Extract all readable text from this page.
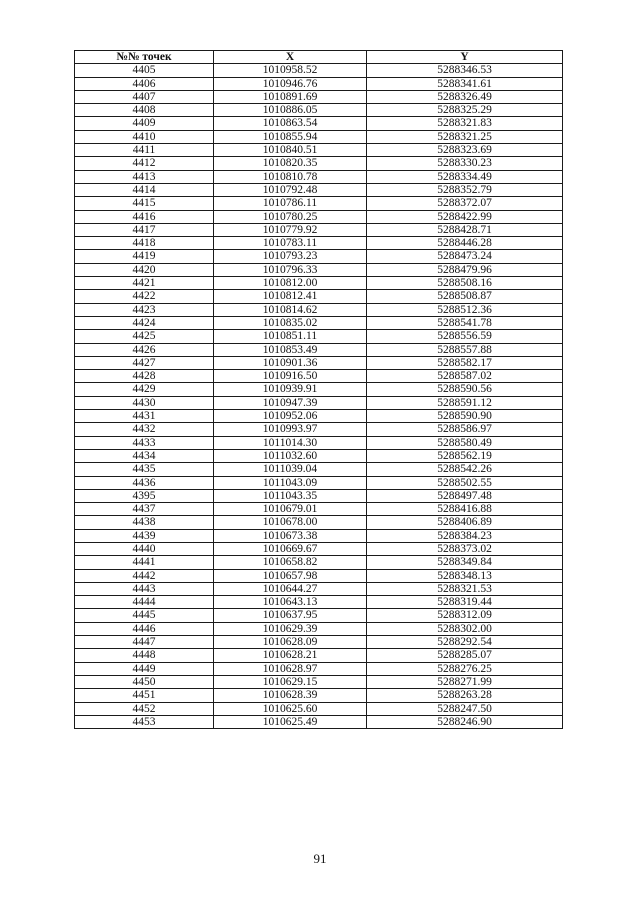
№№ точек	X	Y
4405	1010958.52	5288346.53
4406	1010946.76	5288341.61
4407	1010891.69	5288326.49
4408	1010886.05	5288325.29
4409	1010863.54	5288321.83
4410	1010855.94	5288321.25
4411	1010840.51	5288323.69
4412	1010820.35	5288330.23
4413	1010810.78	5288334.49
4414	1010792.48	5288352.79
4415	1010786.11	5288372.07
4416	1010780.25	5288422.99
4417	1010779.92	5288428.71
4418	1010783.11	5288446.28
4419	1010793.23	5288473.24
4420	1010796.33	5288479.96
4421	1010812.00	5288508.16
4422	1010812.41	5288508.87
4423	1010814.62	5288512.36
4424	1010835.02	5288541.78
4425	1010851.11	5288556.59
4426	1010853.49	5288557.88
4427	1010901.36	5288582.17
4428	1010916.50	5288587.02
4429	1010939.91	5288590.56
4430	1010947.39	5288591.12
4431	1010952.06	5288590.90
4432	1010993.97	5288586.97
4433	1011014.30	5288580.49
4434	1011032.60	5288562.19
4435	1011039.04	5288542.26
4436	1011043.09	5288502.55
4395	1011043.35	5288497.48
4437	1010679.01	5288416.88
4438	1010678.00	5288406.89
4439	1010673.38	5288384.23
4440	1010669.67	5288373.02
4441	1010658.82	5288349.84
4442	1010657.98	5288348.13
4443	1010644.27	5288321.53
4444	1010643.13	5288319.44
4445	1010637.95	5288312.09
4446	1010629.39	5288302.00
4447	1010628.09	5288292.54
4448	1010628.21	5288285.07
4449	1010628.97	5288276.25
4450	1010629.15	5288271.99
4451	1010628.39	5288263.28
4452	1010625.60	5288247.50
4453	1010625.49	5288246.90
91
